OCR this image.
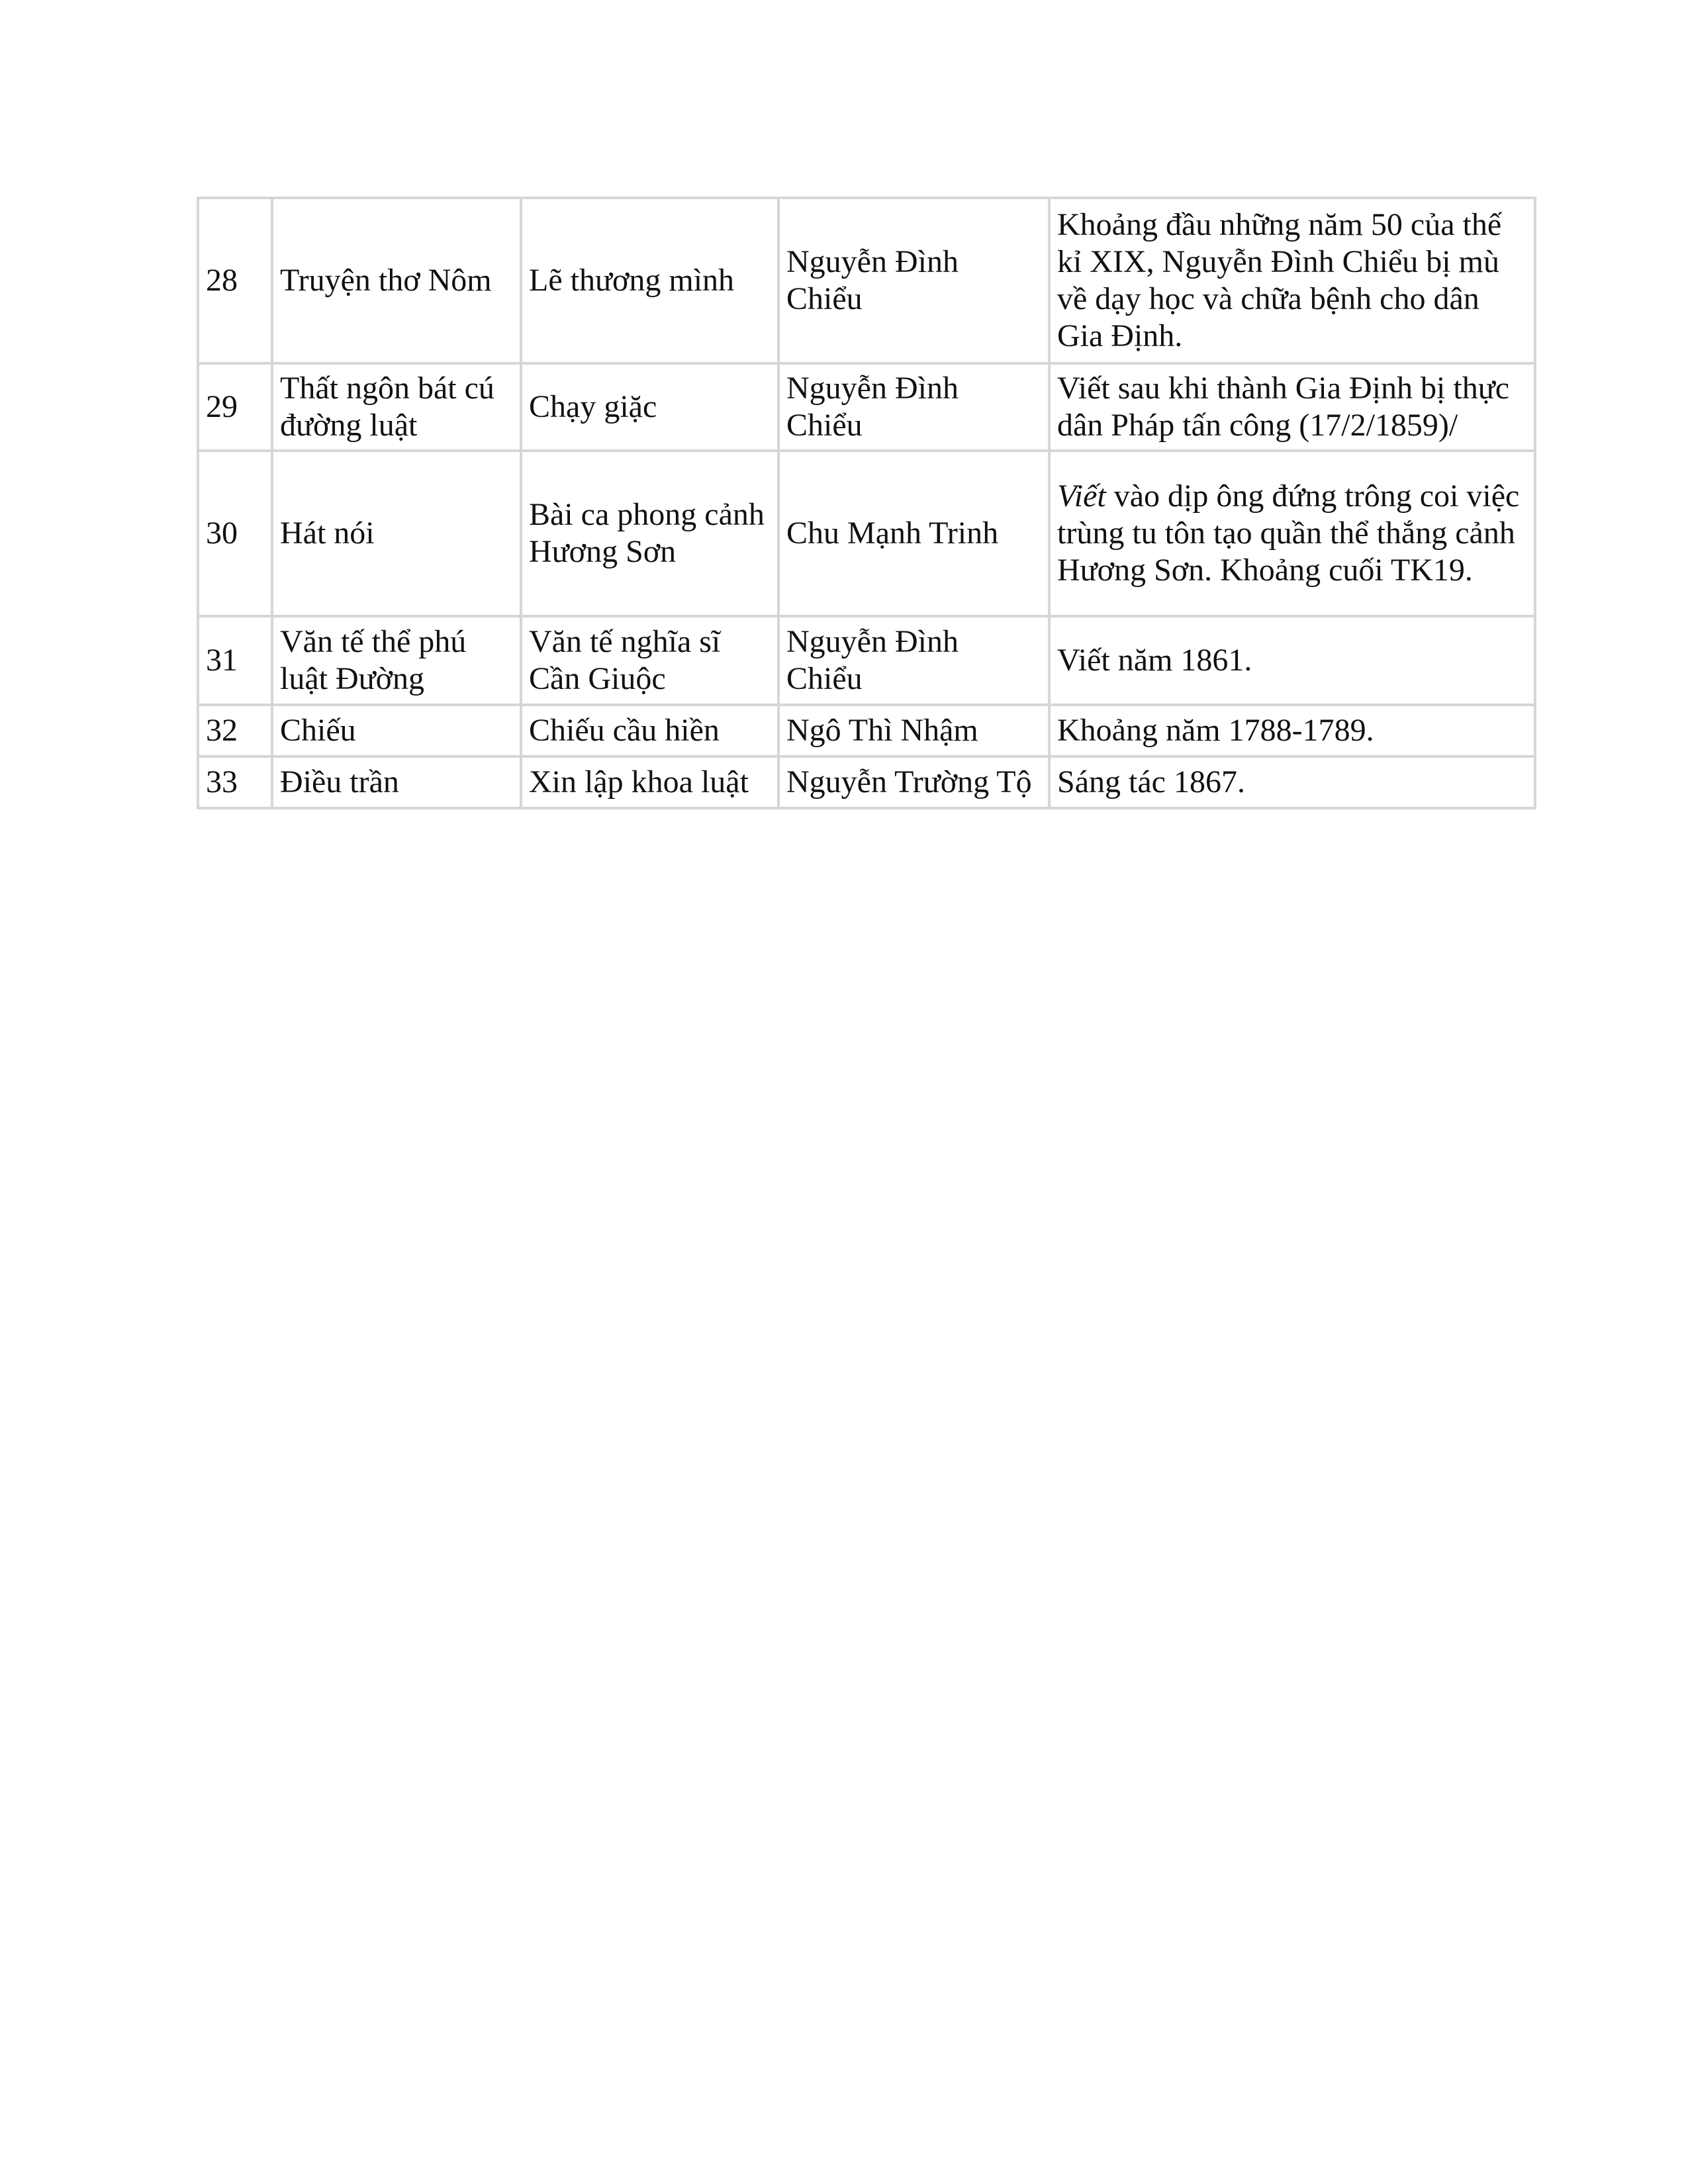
28	Truyện thơ Nôm	Lẽ thương mình	Nguyễn Đình Chiểu	Khoảng đầu những năm 50 của thế kỉ XIX, Nguyễn Đình Chiểu bị mù về dạy học và chữa bệnh cho dân Gia Định.
29	Thất ngôn bát cú đường luật	Chạy giặc	Nguyễn Đình Chiểu	Viết sau khi thành Gia Định bị thực dân Pháp tấn công (17/2/1859)/
30	Hát nói	Bài ca phong cảnh Hương Sơn	Chu Mạnh Trinh	Viết vào dịp ông đứng trông coi việc trùng tu tôn tạo quần thể thắng cảnh Hương Sơn. Khoảng cuối TK19.
31	Văn tế thể phú luật Đường	Văn tế nghĩa sĩ Cần Giuộc	Nguyễn Đình Chiểu	Viết năm 1861.
32	Chiếu	Chiếu cầu hiền	Ngô Thì Nhậm	Khoảng năm 1788-1789.
33	Điều trần	Xin lập khoa luật	Nguyễn Trường Tộ	Sáng tác 1867.
